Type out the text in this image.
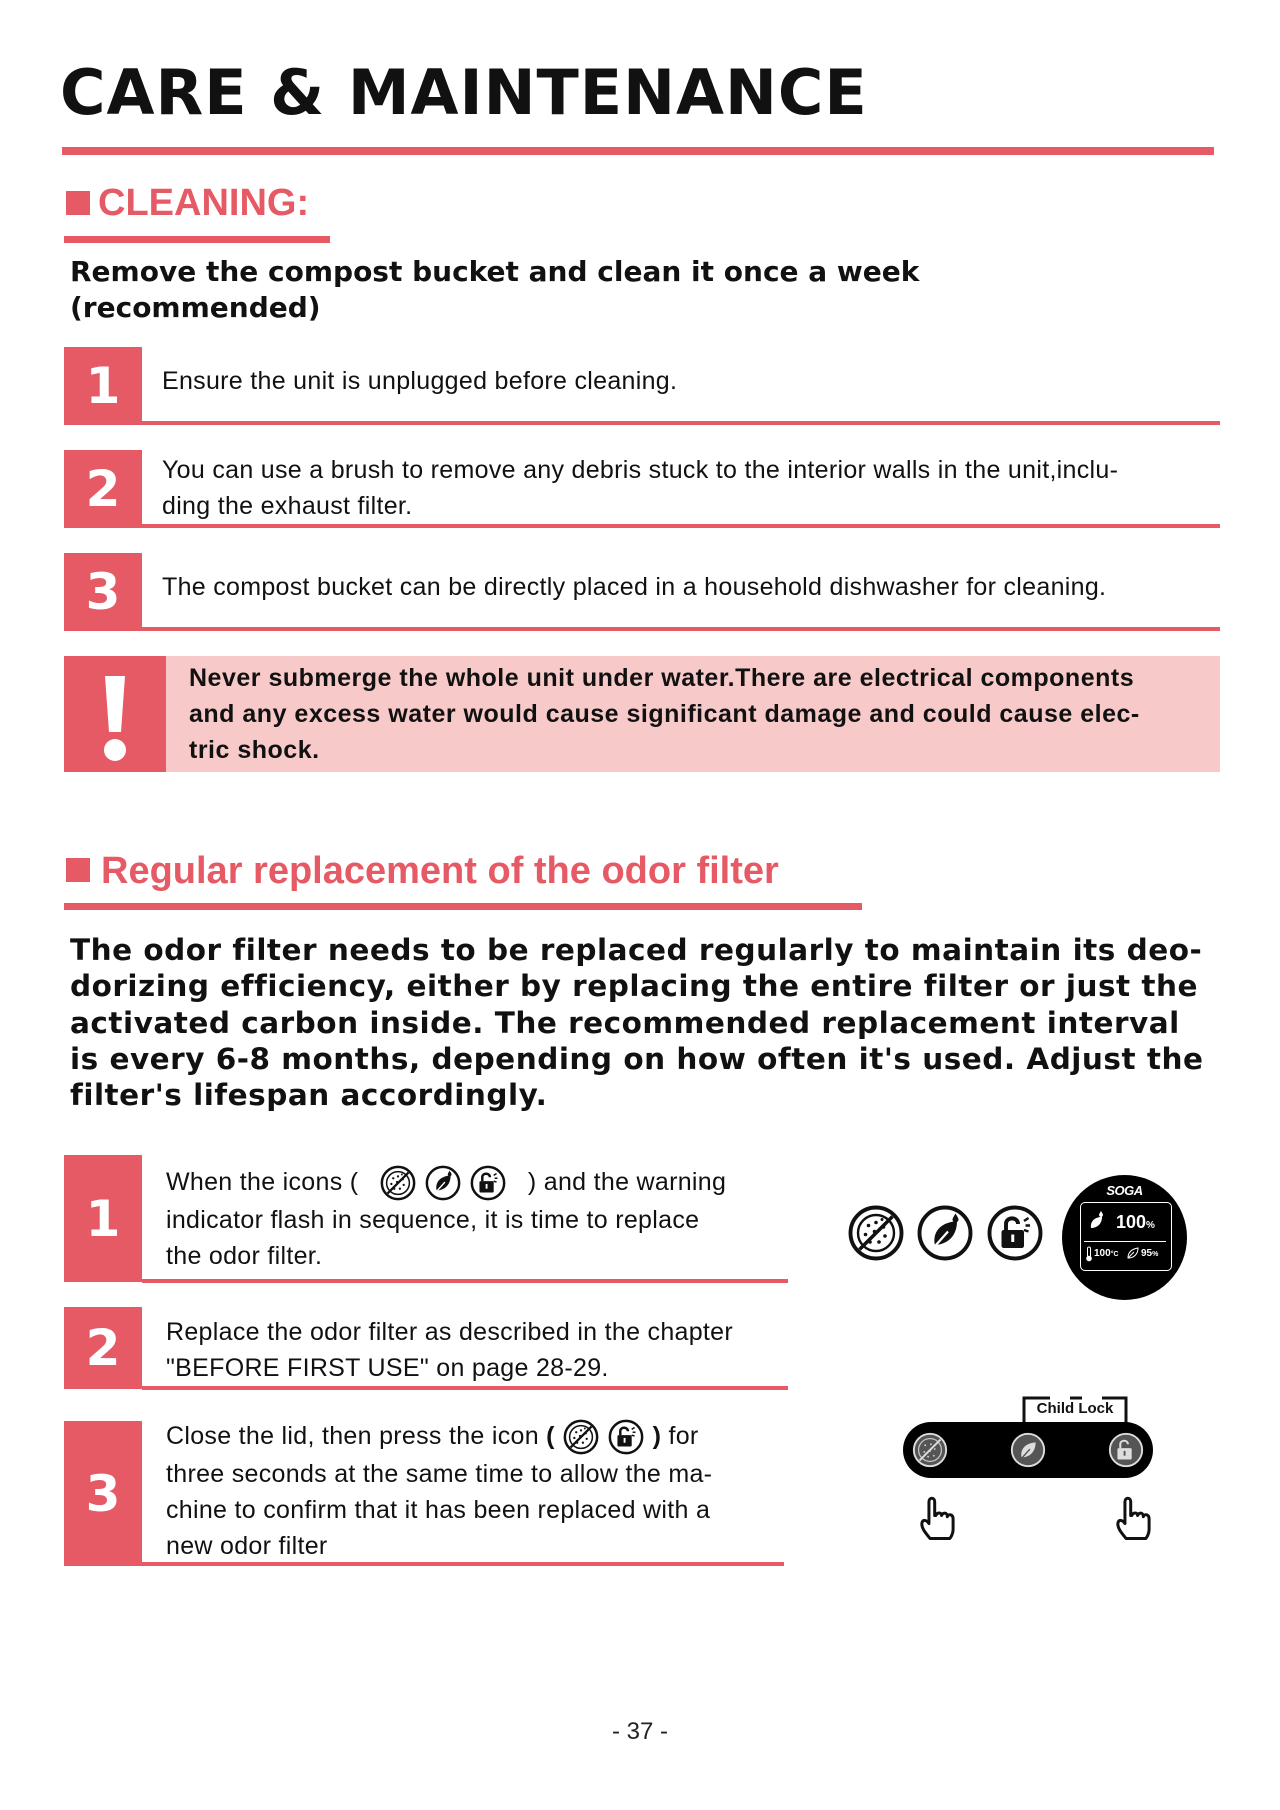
CARE & MAINTENANCE
CLEANING:
Remove the compost bucket and clean it once a week
(recommended)
1	Ensure the unit is unplugged before cleaning.
2	You can use a brush to remove any debris stuck to the interior walls in the unit,inclu-
ding the exhaust filter.
3	The compost bucket can be directly placed in a household dishwasher for cleaning.
Never submerge the whole unit under water.There are electrical components
and any excess water would cause significant damage and could cause elec-
tric shock.
Regular replacement of the odor filter
The odor filter needs to be replaced regularly to maintain its deo-
dorizing efficiency, either by replacing the entire filter or just the
activated carbon inside. The recommended replacement interval
is every 6-8 months, depending on how often it's used. Adjust the
filter's lifespan accordingly.
1
When the icons (	) and the warning
indicator flash in sequence, it is time to replace
the odor filter.
2	Replace the odor filter as described in the chapter
"BEFORE FIRST USE" on page 28-29.
3
Close the lid, then press the icon (	) for
three seconds at the same time to allow the ma-
chine to confirm that it has been replaced with a
new odor filter
SOGA
100%
100°C 95%
Child Lock
- 37 -
